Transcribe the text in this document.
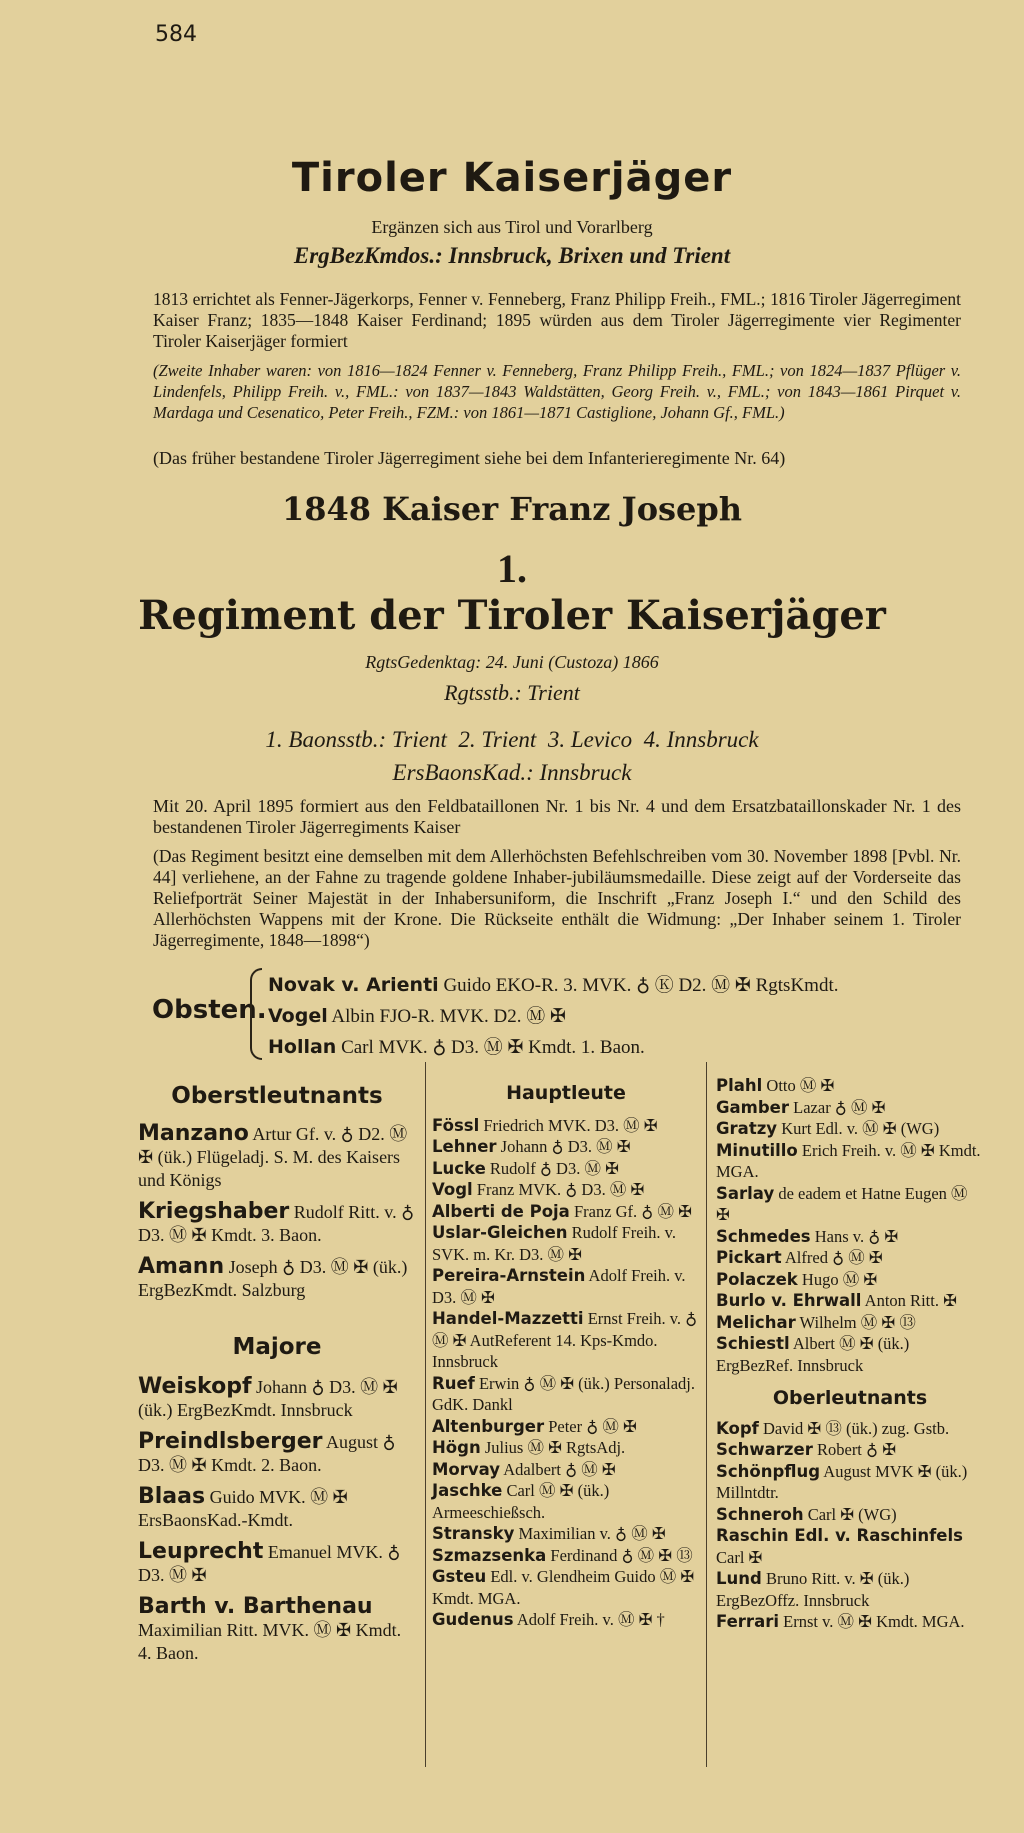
584
Tiroler Kaiserjäger
Ergänzen sich aus Tirol und Vorarlberg
ErgBezKmdos.: Innsbruck, Brixen und Trient
1813 errichtet als Fenner-Jägerkorps, Fenner v. Fenneberg, Franz Philipp Freih., FML.; 1816 Tiroler Jägerregiment Kaiser Franz; 1835—1848 Kaiser Ferdinand; 1895 würden aus dem Tiroler Jägerregimente vier Regimenter Tiroler Kaiserjäger formiert
(Zweite Inhaber waren: von 1816—1824 Fenner v. Fenneberg, Franz Philipp Freih., FML.; von 1824—1837 Pflüger v. Lindenfels, Philipp Freih. v., FML.: von 1837—1843 Waldstätten, Georg Freih. v., FML.; von 1843—1861 Pirquet v. Mardaga und Cesenatico, Peter Freih., FZM.: von 1861—1871 Castiglione, Johann Gf., FML.)
(Das früher bestandene Tiroler Jägerregiment siehe bei dem Infanterieregimente Nr. 64)
1848 Kaiser Franz Joseph
1.
Regiment der Tiroler Kaiserjäger
RgtsGedenktag: 24. Juni (Custoza) 1866
Rgtsstb.: Trient
1. Baonsstb.: Trient  2. Trient  3. Levico  4. Innsbruck
ErsBaonsKad.: Innsbruck
Mit 20. April 1895 formiert aus den Feldbataillonen Nr. 1 bis Nr. 4 und dem Ersatzbataillonskader Nr. 1 des bestandenen Tiroler Jägerregiments Kaiser
(Das Regiment besitzt eine demselben mit dem Allerhöchsten Befehlschreiben vom 30. November 1898 [Pvbl. Nr. 44] verliehene, an der Fahne zu tragende goldene Inhaber-jubiläumsmedaille. Diese zeigt auf der Vorderseite das Reliefporträt Seiner Majestät in der Inhabersuniform, die Inschrift „Franz Joseph I.“ und den Schild des Allerhöchsten Wappens mit der Krone. Die Rückseite enthält die Widmung: „Der Inhaber seinem 1. Tiroler Jägerregimente, 1848—1898“)
Obsten.
Novak v. Arienti Guido EKO-R. 3. MVK. ♁ Ⓚ D2. Ⓜ ✠ RgtsKmdt.
Vogel Albin FJO-R. MVK. D2. Ⓜ ✠
Hollan Carl MVK. ♁ D3. Ⓜ ✠ Kmdt. 1. Baon.
Oberstleutnants
Manzano Artur Gf. v. ♁ D2. Ⓜ ✠ (ük.) Flügeladj. S. M. des Kaisers und Königs
Kriegshaber Rudolf Ritt. v. ♁ D3. Ⓜ ✠ Kmdt. 3. Baon.
Amann Joseph ♁ D3. Ⓜ ✠ (ük.) ErgBezKmdt. Salzburg
Majore
Weiskopf Johann ♁ D3. Ⓜ ✠ (ük.) ErgBezKmdt. Innsbruck
Preindlsberger August ♁ D3. Ⓜ ✠ Kmdt. 2. Baon.
Blaas Guido MVK. Ⓜ ✠ ErsBaonsKad.-Kmdt.
Leuprecht Emanuel MVK. ♁ D3. Ⓜ ✠
Barth v. Barthenau Maximilian Ritt. MVK. Ⓜ ✠ Kmdt. 4. Baon.
Hauptleute
Fössl Friedrich MVK. D3. Ⓜ ✠
Lehner Johann ♁ D3. Ⓜ ✠
Lucke Rudolf ♁ D3. Ⓜ ✠
Vogl Franz MVK. ♁ D3. Ⓜ ✠
Alberti de Poja Franz Gf. ♁ Ⓜ ✠
Uslar-Gleichen Rudolf Freih. v. SVK. m. Kr. D3. Ⓜ ✠
Pereira-Arnstein Adolf Freih. v. D3. Ⓜ ✠
Handel-Mazzetti Ernst Freih. v. ♁ Ⓜ ✠ AutReferent 14. Kps-Kmdo. Innsbruck
Ruef Erwin ♁ Ⓜ ✠ (ük.) Personaladj. GdK. Dankl
Altenburger Peter ♁ Ⓜ ✠
Högn Julius Ⓜ ✠ RgtsAdj.
Morvay Adalbert ♁ Ⓜ ✠
Jaschke Carl Ⓜ ✠ (ük.) Armeeschießsch.
Stransky Maximilian v. ♁ Ⓜ ✠
Szmazsenka Ferdinand ♁ Ⓜ ✠ ⑬
Gsteu Edl. v. Glendheim Guido Ⓜ ✠ Kmdt. MGA.
Gudenus Adolf Freih. v. Ⓜ ✠ †
Plahl Otto Ⓜ ✠
Gamber Lazar ♁ Ⓜ ✠
Gratzy Kurt Edl. v. Ⓜ ✠ (WG)
Minutillo Erich Freih. v. Ⓜ ✠ Kmdt. MGA.
Sarlay de eadem et Hatne Eugen Ⓜ ✠
Schmedes Hans v. ♁ ✠
Pickart Alfred ♁ Ⓜ ✠
Polaczek Hugo Ⓜ ✠
Burlo v. Ehrwall Anton Ritt. ✠
Melichar Wilhelm Ⓜ ✠ ⑬
Schiestl Albert Ⓜ ✠ (ük.) ErgBezRef. Innsbruck
Oberleutnants
Kopf David ✠ ⑬ (ük.) zug. Gstb.
Schwarzer Robert ♁ ✠
Schönpflug August MVK ✠ (ük.) Millntdtr.
Schneroh Carl ✠ (WG)
Raschin Edl. v. Raschinfels Carl ✠
Lund Bruno Ritt. v. ✠ (ük.) ErgBezOffz. Innsbruck
Ferrari Ernst v. Ⓜ ✠ Kmdt. MGA.
